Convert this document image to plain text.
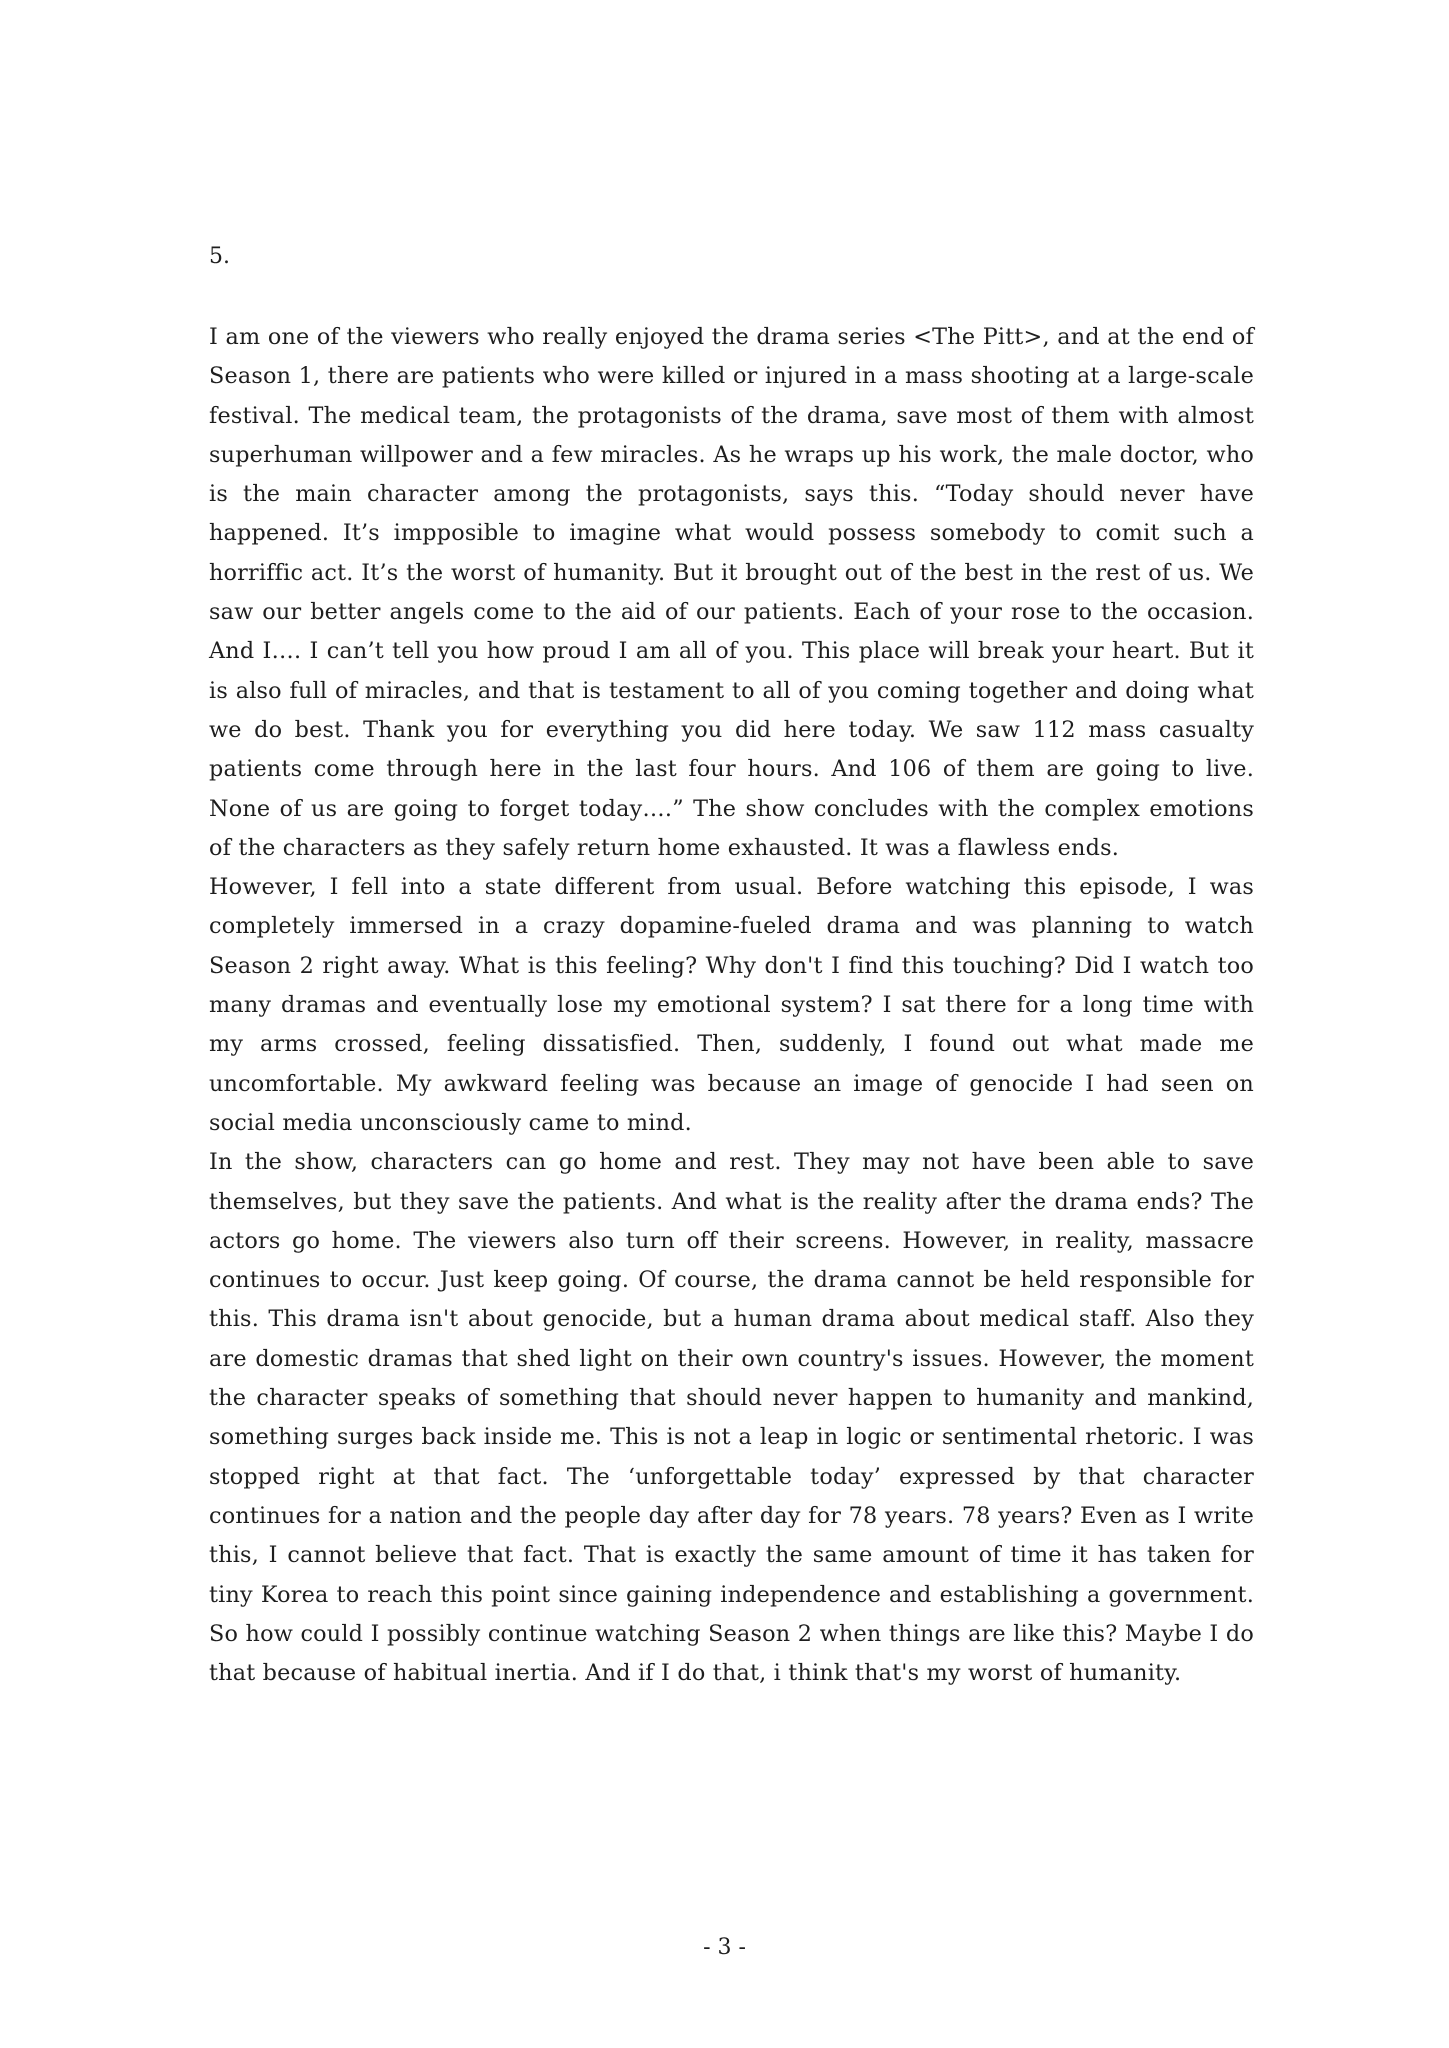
5.

I am one of the viewers who really enjoyed the drama series <The Pitt>, and at the end of Season 1, there are patients who were killed or injured in a mass shooting at a large-scale festival. The medical team, the protagonists of the drama, save most of them with almost superhuman willpower and a few miracles. As he wraps up his work, the male doctor, who is the main character among the protagonists, says this. “Today should never have happened. It’s impposible to imagine what would possess somebody to comit such a horriffic act. It’s the worst of humanity. But it brought out of the best in the rest of us. We saw our better angels come to the aid of our patients. Each of your rose to the occasion. And I…. I can’t tell you how proud I am all of you. This place will break your heart. But it is also full of miracles, and that is testament to all of you coming together and doing what we do best. Thank you for everything you did here today. We saw 112 mass casualty patients come through here in the last four hours. And 106 of them are going to live. None of us are going to forget today….” The show concludes with the complex emotions of the characters as they safely return home exhausted. It was a flawless ends.

However, I fell into a state different from usual. Before watching this episode, I was completely immersed in a crazy dopamine-fueled drama and was planning to watch Season 2 right away. What is this feeling? Why don't I find this touching? Did I watch too many dramas and eventually lose my emotional system? I sat there for a long time with my arms crossed, feeling dissatisfied. Then, suddenly, I found out what made me uncomfortable. My awkward feeling was because an image of genocide I had seen on social media unconsciously came to mind.

In the show, characters can go home and rest. They may not have been able to save themselves, but they save the patients. And what is the reality after the drama ends? The actors go home. The viewers also turn off their screens. However, in reality, massacre continues to occur. Just keep going. Of course, the drama cannot be held responsible for this. This drama isn't about genocide, but a human drama about medical staff. Also they are domestic dramas that shed light on their own country's issues. However, the moment the character speaks of something that should never happen to humanity and mankind, something surges back inside me. This is not a leap in logic or sentimental rhetoric. I was stopped right at that fact. The ‘unforgettable today’ expressed by that character continues for a nation and the people day after day for 78 years. 78 years? Even as I write this, I cannot believe that fact. That is exactly the same amount of time it has taken for tiny Korea to reach this point since gaining independence and establishing a government. So how could I possibly continue watching Season 2 when things are like this? Maybe I do that because of habitual inertia. And if I do that, i think that's my worst of humanity.

- 3 -
